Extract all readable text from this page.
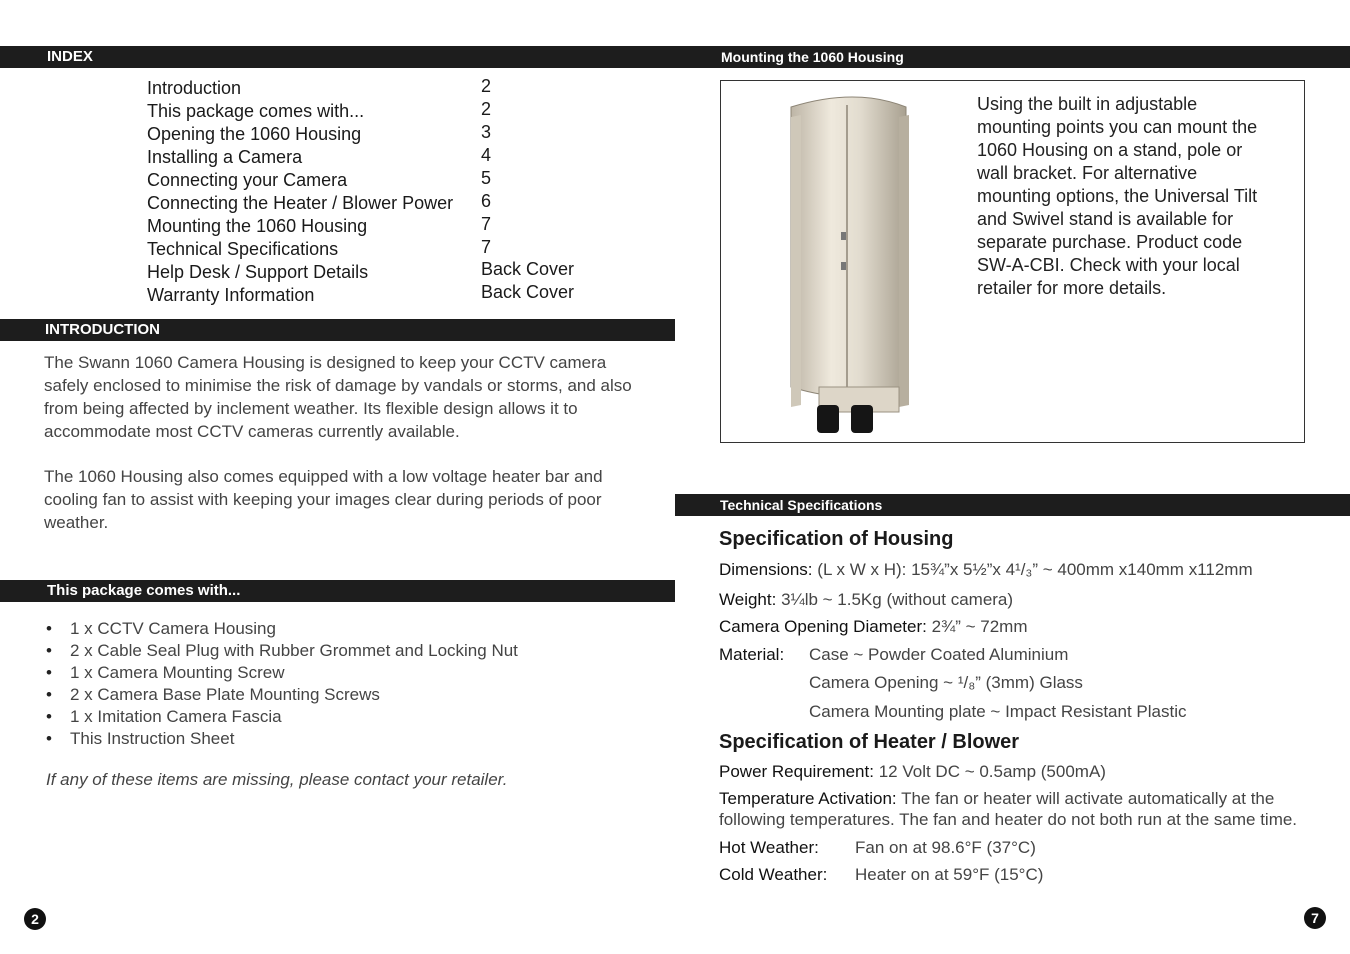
INDEX
Introduction	2
This package comes with...	2
Opening the 1060 Housing	3
Installing a Camera	4
Connecting your Camera	5
Connecting the Heater / Blower Power 6
Mounting the 1060 Housing	7
Technical Specifications	7
Help Desk / Support Details	Back Cover
Warranty Information	Back Cover
INTRODUCTION
The Swann 1060 Camera Housing is designed to keep your CCTV camera
safely enclosed to minimise the risk of damage by vandals or storms, and also
from being affected by inclement weather. Its flexible design allows it to
accommodate most CCTV cameras currently available.
The 1060 Housing also comes equipped with a low voltage heater bar and
cooling fan to assist with keeping your images clear during periods of poor
weather.
This package comes with...
• 1 x CCTV Camera Housing
• 2 x Cable Seal Plug with Rubber Grommet and Locking Nut
• 1 x Camera Mounting Screw
• 2 x Camera Base Plate Mounting Screws
• 1 x Imitation Camera Fascia
• This Instruction Sheet
If any of these items are missing, please contact your retailer.
2
Mounting the 1060 Housing
Using the built in adjustable
mounting points you can mount the
1060 Housing on a stand, pole or
wall bracket. For alternative
mounting options, the Universal Tilt
and Swivel stand is available for
separate purchase. Product code
SW-A-CBI. Check with your local
retailer for more details.
Technical Specifications
Specification of Housing
Dimensions: (L x W x H): 15¾”x 5½”x 4¹/₃” ~ 400mm x140mm x112mm
Weight: 3¼lb ~ 1.5Kg (without camera)
Camera Opening Diameter: 2¾” ~ 72mm
Material: Case ~ Powder Coated Aluminium
Camera Opening ~ ¹/₈” (3mm) Glass
Camera Mounting plate ~ Impact Resistant Plastic
Specification of Heater / Blower
Power Requirement: 12 Volt DC ~ 0.5amp (500mA)
Temperature Activation: The fan or heater will activate automatically at the
following temperatures. The fan and heater do not both run at the same time.
Hot Weather: Fan on at 98.6°F (37°C)
Cold Weather: Heater on at 59°F (15°C)
7
